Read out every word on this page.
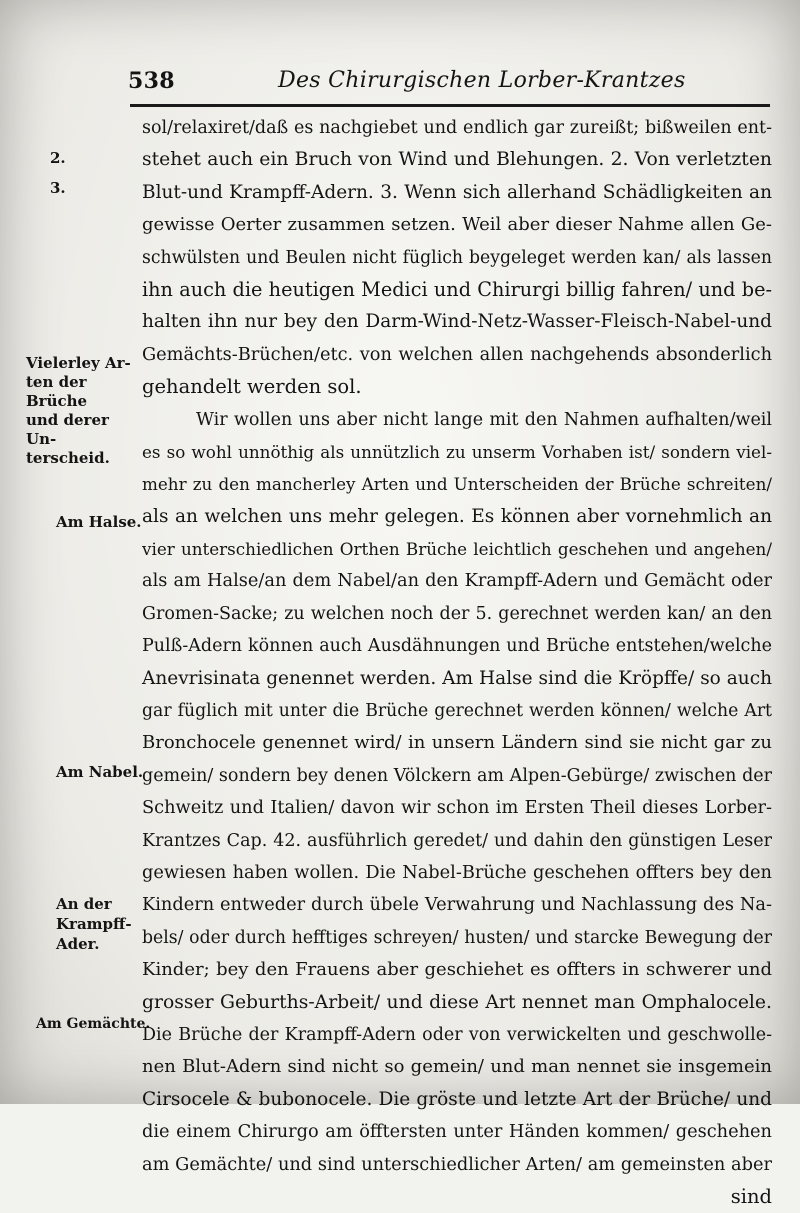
538	Des Chirurgischen Lorber-Krantzes
2.
3.
Vielerley Ar-
ten der Brüche
und derer Un-
terscheid.
Am Halse.
Am Nabel.
An der
Krampff-
Ader.
Am Gemächte.
sol/relaxiret/daß es nachgiebet und endlich gar zureißt; bißweilen ent-
stehet auch ein Bruch von Wind und Blehungen. 2. Von verletzten
Blut-und Krampff-Adern. 3. Wenn sich allerhand Schädligkeiten an
gewisse Oerter zusammen setzen. Weil aber dieser Nahme allen Ge-
schwülsten und Beulen nicht füglich beygeleget werden kan/ als lassen
ihn auch die heutigen Medici und Chirurgi billig fahren/ und be-
halten ihn nur bey den Darm-Wind-Netz-Wasser-Fleisch-Nabel-und
Gemächts-Brüchen/etc. von welchen allen nachgehends absonderlich
gehandelt werden sol.
Wir wollen uns aber nicht lange mit den Nahmen aufhalten/weil
es so wohl unnöthig als unnützlich zu unserm Vorhaben ist/ sondern viel-
mehr zu den mancherley Arten und Unterscheiden der Brüche schreiten/
als an welchen uns mehr gelegen. Es können aber vornehmlich an
vier unterschiedlichen Orthen Brüche leichtlich geschehen und angehen/
als am Halse/an dem Nabel/an den Krampff-Adern und Gemächt oder
Gromen-Sacke; zu welchen noch der 5. gerechnet werden kan/ an den
Pulß-Adern können auch Ausdähnungen und Brüche entstehen/welche
Anevrisinata genennet werden. Am Halse sind die Kröpffe/ so auch
gar füglich mit unter die Brüche gerechnet werden können/ welche Art
Bronchocele genennet wird/ in unsern Ländern sind sie nicht gar zu
gemein/ sondern bey denen Völckern am Alpen-Gebürge/ zwischen der
Schweitz und Italien/ davon wir schon im Ersten Theil dieses Lorber-
Krantzes Cap. 42. ausführlich geredet/ und dahin den günstigen Leser
gewiesen haben wollen. Die Nabel-Brüche geschehen offters bey den
Kindern entweder durch übele Verwahrung und Nachlassung des Na-
bels/ oder durch hefftiges schreyen/ husten/ und starcke Bewegung der
Kinder; bey den Frauens aber geschiehet es offters in schwerer und
grosser Geburths-Arbeit/ und diese Art nennet man Omphalocele.
Die Brüche der Krampff-Adern oder von verwickelten und geschwolle-
nen Blut-Adern sind nicht so gemein/ und man nennet sie insgemein
Cirsocele & bubonocele. Die gröste und letzte Art der Brüche/ und
die einem Chirurgo am öfftersten unter Händen kommen/ geschehen
am Gemächte/ und sind unterschiedlicher Arten/ am gemeinsten aber
sind
